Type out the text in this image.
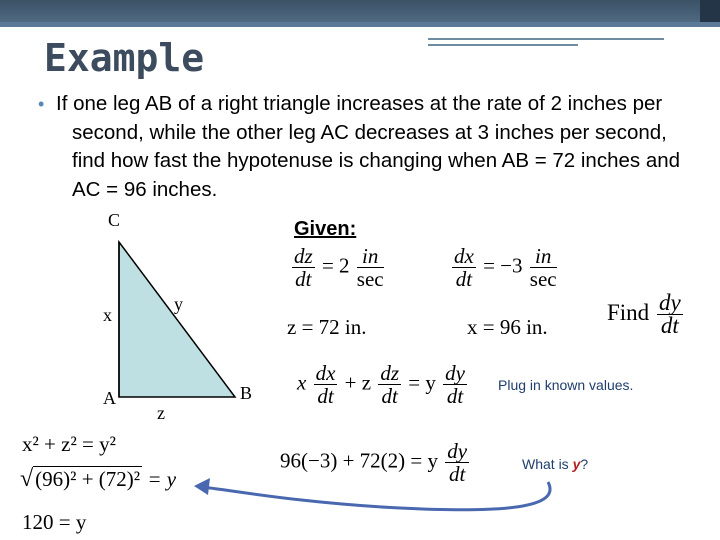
Example
• If one leg AB of a right triangle increases at the rate of 2 inches per second, while the other leg AC decreases at 3 inches per second, find how fast the hypotenuse is changing when AB = 72 inches and AC = 96 inches.
C
A	B
x
y
z
Given:
$\frac{dz}{dt} = 2 \frac{in}{\sec}$	$\frac{dx}{dt} = -3 \frac{in}{\sec}$
z = 72 in.	x = 96 in.
Find $\frac{dy}{dt}$
x $\frac{dx}{dt} + z \frac{dz}{dt} = y \frac{dy}{dt}$ Plug in known values.
96(−3) + 72(2) = y $\frac{dy}{dt}$	What is y?
x² + z² = y²
√(96)² + (72)² = y
120 = y
